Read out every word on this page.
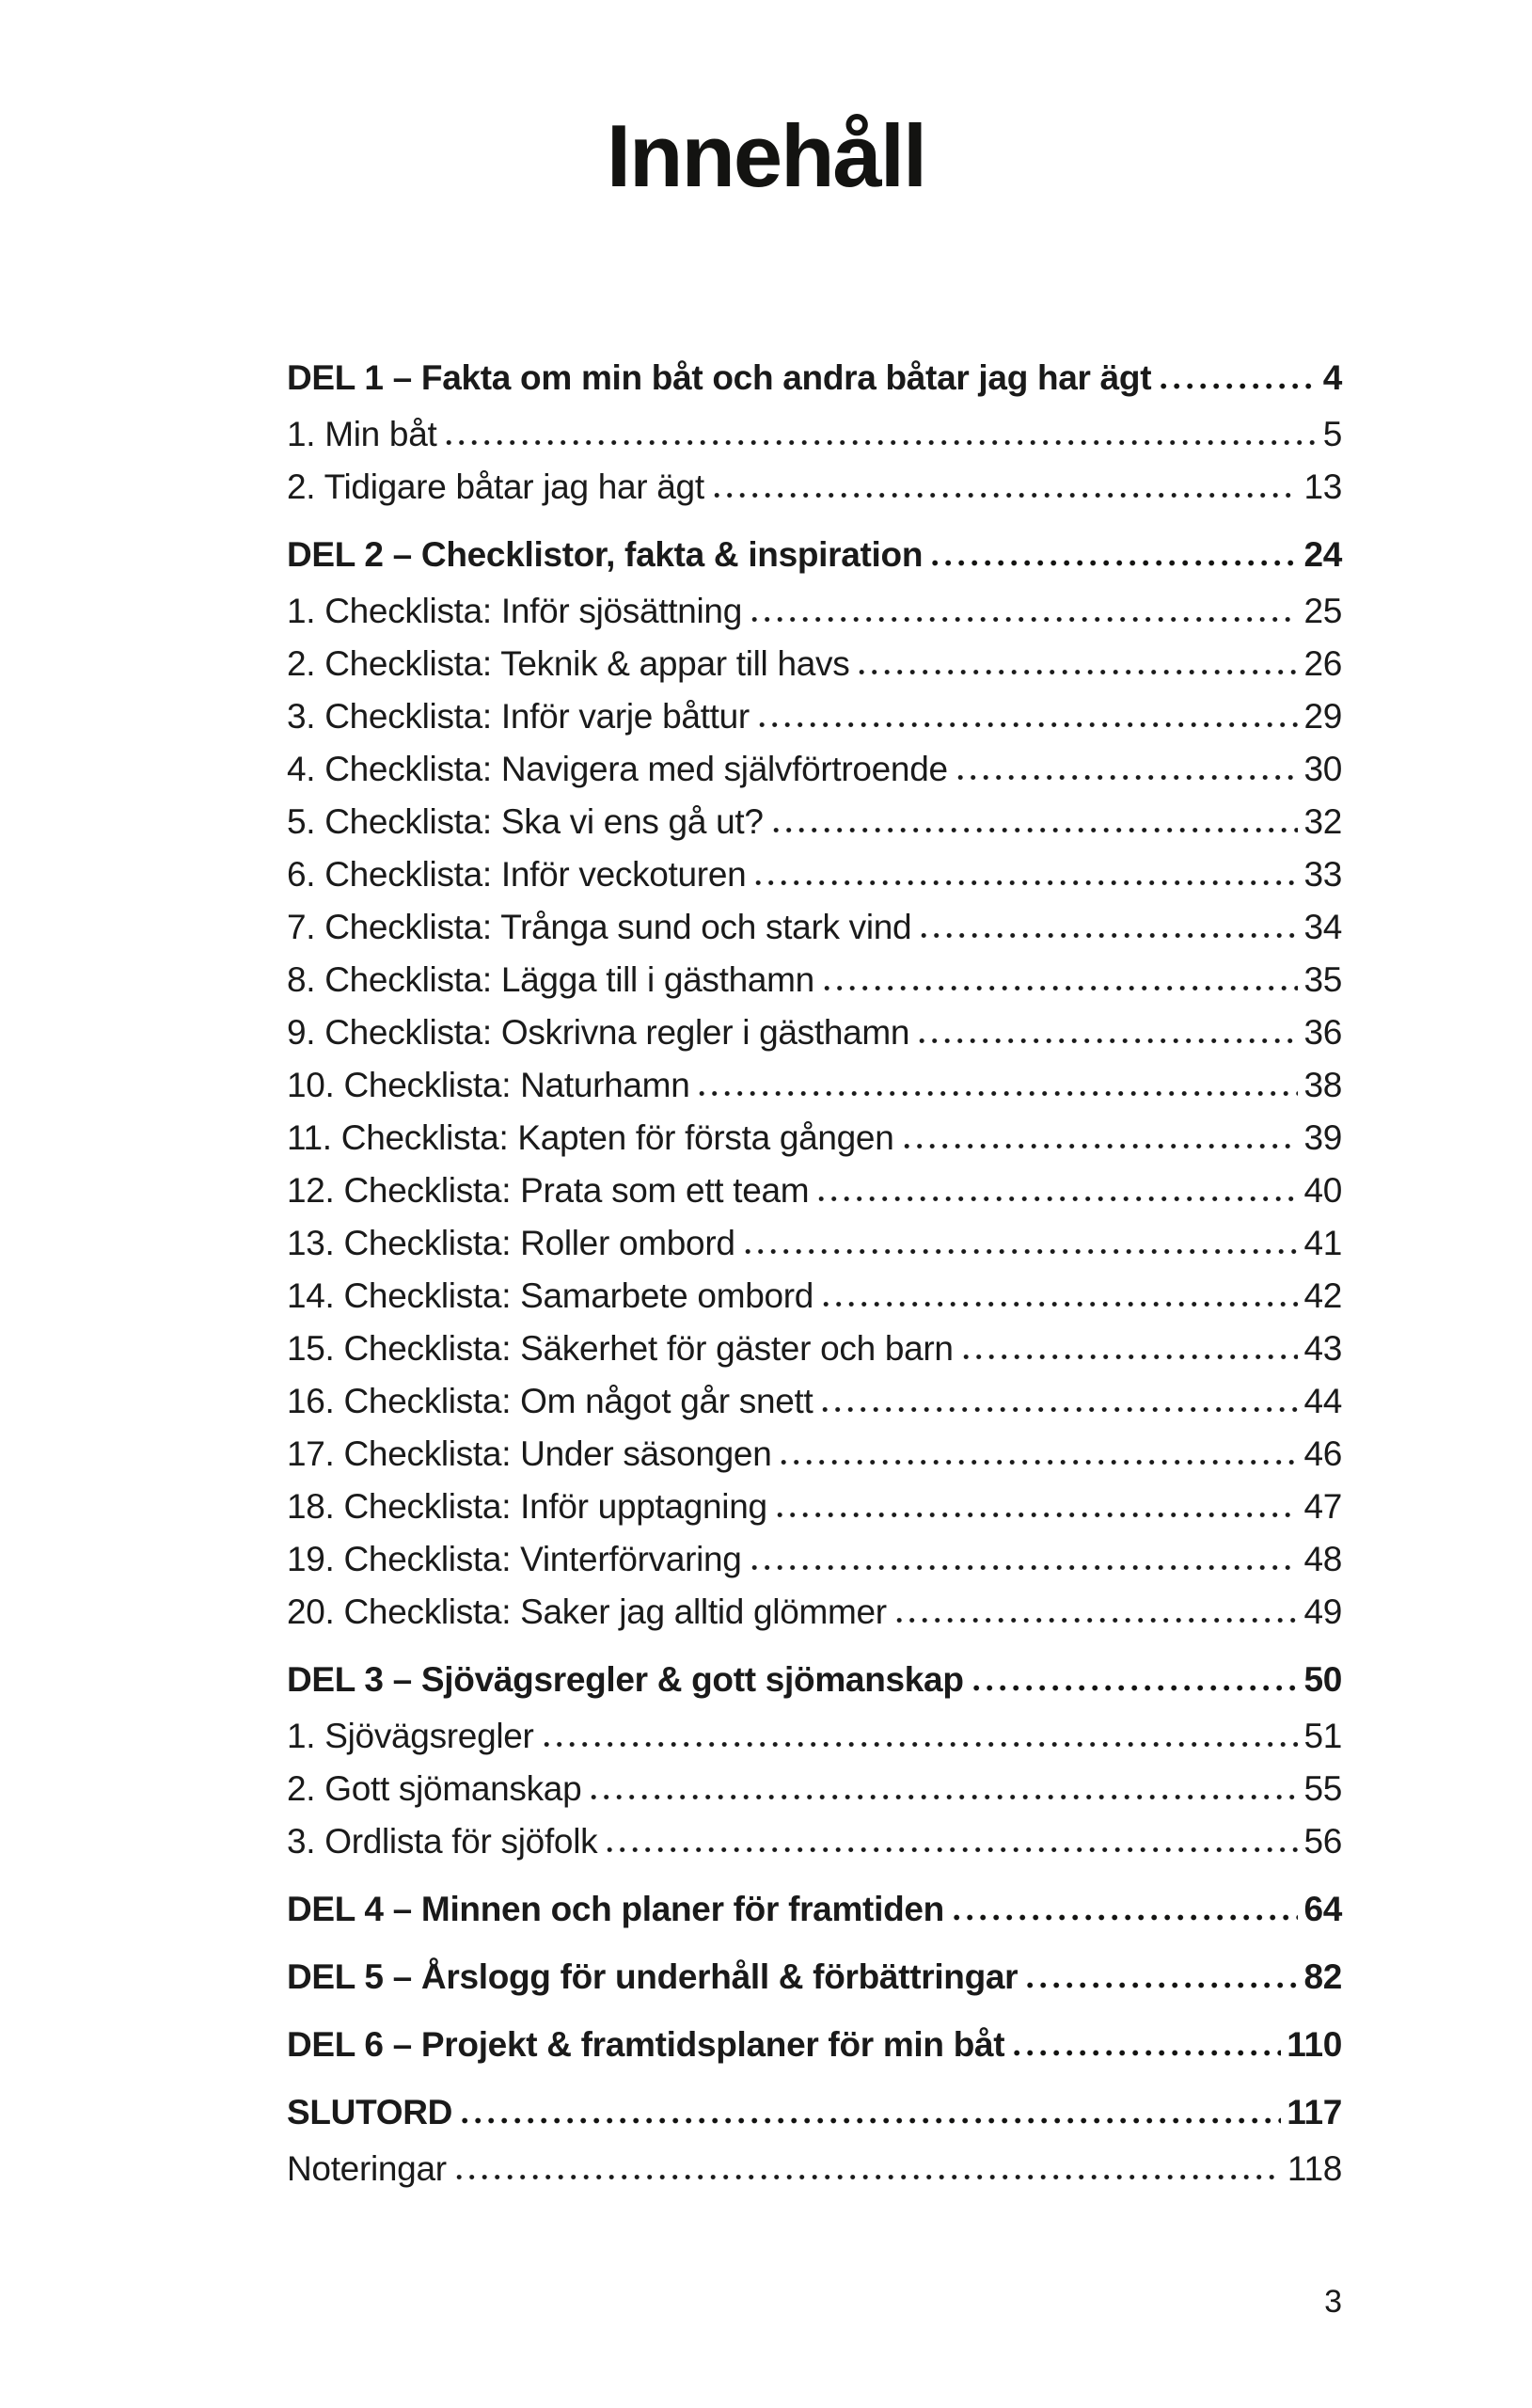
Innehåll
DEL 1 – Fakta om min båt och andra båtar jag har ägt	4
1. Min båt	5
2. Tidigare båtar jag har ägt	13
DEL 2 – Checklistor, fakta & inspiration	24
1. Checklista: Inför sjösättning	25
2. Checklista: Teknik & appar till havs	26
3. Checklista: Inför varje båttur	29
4. Checklista: Navigera med självförtroende	30
5. Checklista: Ska vi ens gå ut?	32
6. Checklista: Inför veckoturen	33
7. Checklista: Trånga sund och stark vind	34
8. Checklista: Lägga till i gästhamn	35
9. Checklista: Oskrivna regler i gästhamn	36
10. Checklista: Naturhamn	38
11. Checklista: Kapten för första gången	39
12. Checklista: Prata som ett team	40
13. Checklista: Roller ombord	41
14. Checklista: Samarbete ombord	42
15. Checklista: Säkerhet för gäster och barn	43
16. Checklista: Om något går snett	44
17. Checklista: Under säsongen	46
18. Checklista: Inför upptagning	47
19. Checklista: Vinterförvaring	48
20. Checklista: Saker jag alltid glömmer	49
DEL 3 – Sjövägsregler & gott sjömanskap	50
1. Sjövägsregler	51
2. Gott sjömanskap	55
3. Ordlista för sjöfolk	56
DEL 4 – Minnen och planer för framtiden	64
DEL 5 – Årslogg för underhåll & förbättringar	82
DEL 6 – Projekt & framtidsplaner för min båt	110
SLUTORD	117
Noteringar	118
3
